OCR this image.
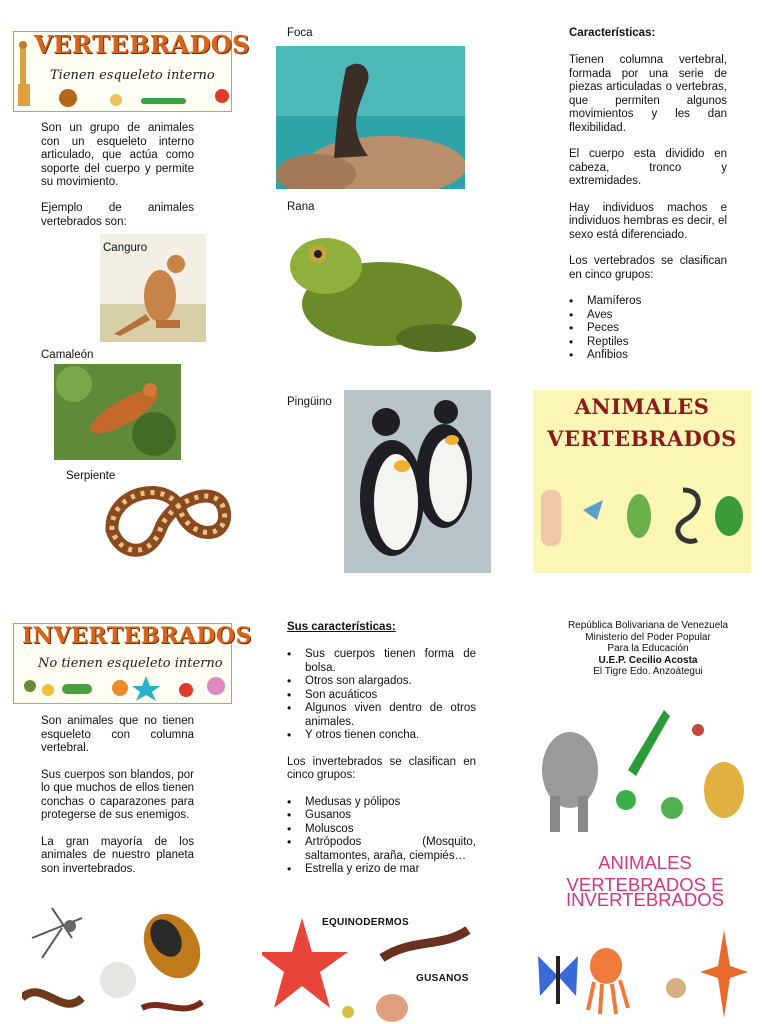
VERTEBRADOS
Tienen esqueleto interno
Son un grupo de animales con un esqueleto interno articulado, que actúa como soporte del cuerpo y permite su movimiento.
Ejemplo de animales vertebrados son:
Canguro
Camaleón
Serpiente
Foca
Rana
Pingüino
Características:
Tienen columna vertebral, formada por una serie de piezas articuladas o vertebras, que permiten algunos movimientos y les dan flexibilidad.
El cuerpo esta dividido en cabeza, tronco y extremidades.
Hay individuos machos e individuos hembras es decir, el sexo está diferenciado.
Los vertebrados se clasifican en cinco grupos:
• Mamíferos
• Aves
• Peces
• Reptiles
• Anfibios
ANIMALES
VERTEBRADOS
INVERTEBRADOS
No tienen esqueleto interno
Son animales que no tienen esqueleto con columna vertebral.
Sus cuerpos son blandos, por lo que muchos de ellos tienen conchas o caparazones para protegerse de sus enemigos.
La gran mayoría de los animales de nuestro planeta son invertebrados.
Sus características:
• Sus cuerpos tienen forma de bolsa.
• Otros son alargados.
• Son acuáticos
• Algunos viven dentro de otros animales.
• Y otros tienen concha.
Los invertebrados se clasifican en cinco grupos:
• Medusas y pólipos
• Gusanos
• Moluscos
• Artrópodos (Mosquito, saltamontes, araña, ciempiés…
• Estrella y erizo de mar
EQUINODERMOS
GUSANOS
República Bolivariana de Venezuela
Ministerio del Poder Popular
Para la Educación
U.E.P. Cecilio Acosta
El Tigre Edo. Anzoátegui
ANIMALES VERTEBRADOS E
INVERTEBRADOS
